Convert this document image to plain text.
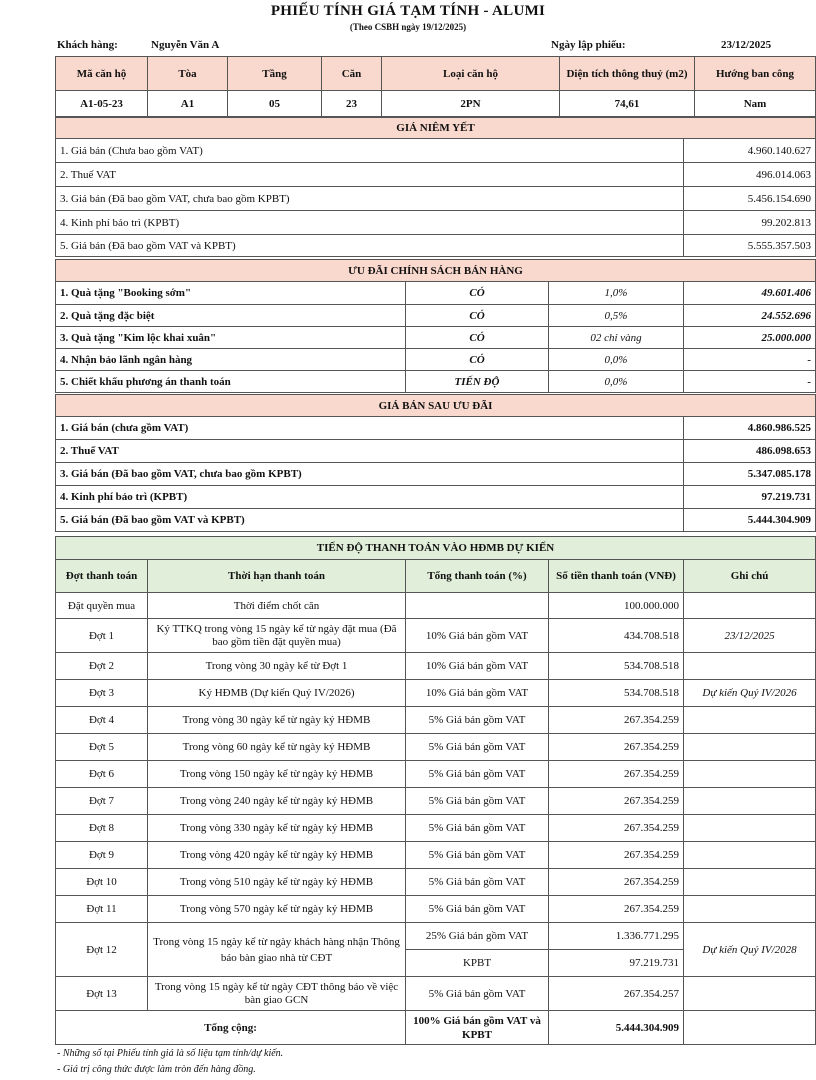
PHIẾU TÍNH GIÁ TẠM TÍNH - ALUMI
(Theo CSBH ngày 19/12/2025)
Khách hàng:	Nguyễn Văn A	Ngày lập phiếu:	23/12/2025
Mã căn hộ	Tòa	Tầng	Căn	Loại căn hộ	Diện tích thông thuỷ (m2)	Hướng ban công
A1-05-23	A1	05	23	2PN	74,61	Nam
GIÁ NIÊM YẾT	
1. Giá bán (Chưa bao gồm VAT)	4.960.140.627
2. Thuế VAT	496.014.063
3. Giá bán (Đã bao gồm VAT, chưa bao gồm KPBT)	5.456.154.690
4. Kinh phí bảo trì (KPBT)	99.202.813
5. Giá bán (Đã bao gồm VAT và KPBT)	5.555.357.503
ƯU ĐÃI CHÍNH SÁCH BÁN HÀNG			
1. Quà tặng "Booking sớm"	CÓ	1,0%	49.601.406
2. Quà tặng đặc biệt	CÓ	0,5%	24.552.696
3. Quà tặng "Kim lộc khai xuân"	CÓ	02 chỉ vàng	25.000.000
4. Nhận bảo lãnh ngân hàng	CÓ	0,0%	-
5. Chiết khấu phương án thanh toán	TIẾN ĐỘ	0,0%	-
GIÁ BÁN SAU ƯU ĐÃI	
1. Giá bán (chưa gồm VAT)	4.860.986.525
2. Thuế VAT	486.098.653
3. Giá bán (Đã bao gồm VAT, chưa bao gồm KPBT)	5.347.085.178
4. Kinh phí bảo trì (KPBT)	97.219.731
5. Giá bán (Đã bao gồm VAT và KPBT)	5.444.304.909
TIẾN ĐỘ THANH TOÁN VÀO HĐMB DỰ KIẾN				
Đợt thanh toán	Thời hạn thanh toán	Tổng thanh toán (%)	Số tiền thanh toán (VNĐ)	Ghi chú
Đặt quyền mua	Thời điểm chốt căn		100.000.000	
Đợt 1	Ký TTKQ trong vòng 15 ngày kể từ ngày đặt mua (Đã bao gồm tiền đặt quyền mua)	10% Giá bán gồm VAT	434.708.518	23/12/2025
Đợt 2	Trong vòng 30 ngày kể từ Đợt 1	10% Giá bán gồm VAT	534.708.518	
Đợt 3	Ký HĐMB (Dự kiến Quý IV/2026)	10% Giá bán gồm VAT	534.708.518	Dự kiến Quý IV/2026
Đợt 4	Trong vòng 30 ngày kể từ ngày ký HĐMB	5% Giá bán gồm VAT	267.354.259	
Đợt 5	Trong vòng 60 ngày kể từ ngày ký HĐMB	5% Giá bán gồm VAT	267.354.259	
Đợt 6	Trong vòng 150 ngày kể từ ngày ký HĐMB	5% Giá bán gồm VAT	267.354.259	
Đợt 7	Trong vòng 240 ngày kể từ ngày ký HĐMB	5% Giá bán gồm VAT	267.354.259	
Đợt 8	Trong vòng 330 ngày kể từ ngày ký HĐMB	5% Giá bán gồm VAT	267.354.259	
Đợt 9	Trong vòng 420 ngày kể từ ngày ký HĐMB	5% Giá bán gồm VAT	267.354.259	
Đợt 10	Trong vòng 510 ngày kể từ ngày ký HĐMB	5% Giá bán gồm VAT	267.354.259	
Đợt 11	Trong vòng 570 ngày kể từ ngày ký HĐMB	5% Giá bán gồm VAT	267.354.259	
Đợt 12	Trong vòng 15 ngày kể từ ngày khách hàng nhận Thông báo bàn giao nhà từ CĐT	25% Giá bán gồm VAT	1.336.771.295	Dự kiến Quý IV/2028
		KPBT	97.219.731	
Đợt 13	Trong vòng 15 ngày kể từ ngày CĐT thông báo về việc bàn giao GCN	5% Giá bán gồm VAT	267.354.257	
Tổng cộng:		100% Giá bán gồm VAT và KPBT	5.444.304.909	
- Những số tại Phiếu tính giá là số liệu tạm tính/dự kiến.
- Giá trị công thức được làm tròn đến hàng đồng.
